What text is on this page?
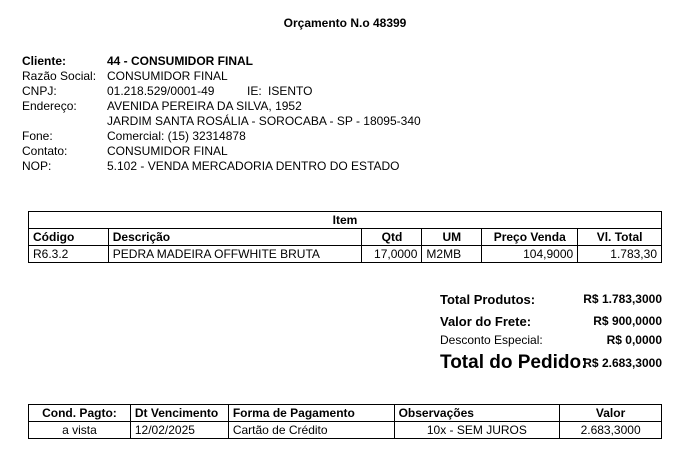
Orçamento N.o 48399
Cliente:	44 - CONSUMIDOR FINAL
Razão Social: CONSUMIDOR FINAL
CNPJ:	01.218.529/0001-49	IE: ISENTO
Endereço:	AVENIDA PEREIRA DA SILVA, 1952
JARDIM SANTA ROSÁLIA - SOROCABA - SP - 18095-340
Fone:	Comercial: (15) 32314878
Contato:	CONSUMIDOR FINAL
NOP:	5.102 - VENDA MERCADORIA DENTRO DO ESTADO
Item					
Código	Descrição	Qtd	UM	Preço Venda	Vl. Total
R6.3.2	PEDRA MADEIRA OFFWHITE BRUTA	17,0000	M2MB	104,9000	1.783,30
Total Produtos:	R$ 1.783,3000
Valor do Frete:	R$ 900,0000
Desconto Especial:	R$ 0,0000
Total do Pedido:
R$ 2.683,3000
Cond. Pagto:	Dt Vencimento	Forma de Pagamento	Observações	Valor
a vista	12/02/2025	Cartão de Crédito	10x - SEM JUROS	2.683,3000
